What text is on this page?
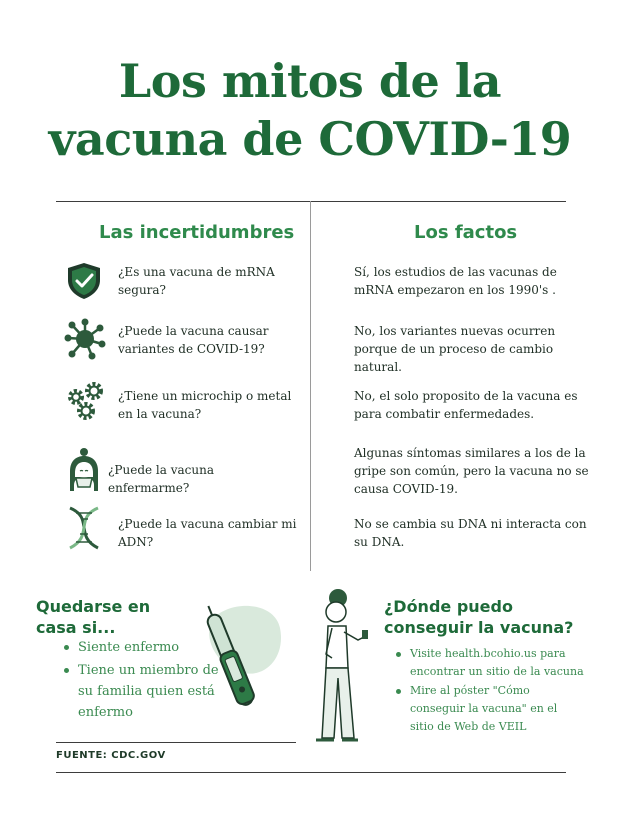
Los mitos de la
vacuna de COVID-19
Las incertidumbres	Los factos
¿Es una vacuna de mRNA segura?
Sí, los estudios de las vacunas de mRNA empezaron en los 1990's .
¿Puede la vacuna causar variantes de COVID-19?
No, los variantes nuevas ocurren porque de un proceso de cambio natural.
¿Tiene un microchip o metal en la vacuna?
No, el solo proposito de la vacuna es para combatir enfermedades.
¿Puede la vacuna enfermarme?
Algunas síntomas similares a los de la gripe son común, pero la vacuna no se causa COVID-19.
¿Puede la vacuna cambiar mi ADN?
No se cambia su DNA ni interacta con su DNA.
Quedarse en casa si...
Siente enfermo
Tiene un miembro de su familia quien está enfermo
FUENTE: CDC.GOV
¿Dónde puedo conseguir la vacuna?
Visite health.bcohio.us para encontrar un sitio de la vacuna
Mire al póster "Cómo conseguir la vacuna" en el sitio de Web de VEIL
